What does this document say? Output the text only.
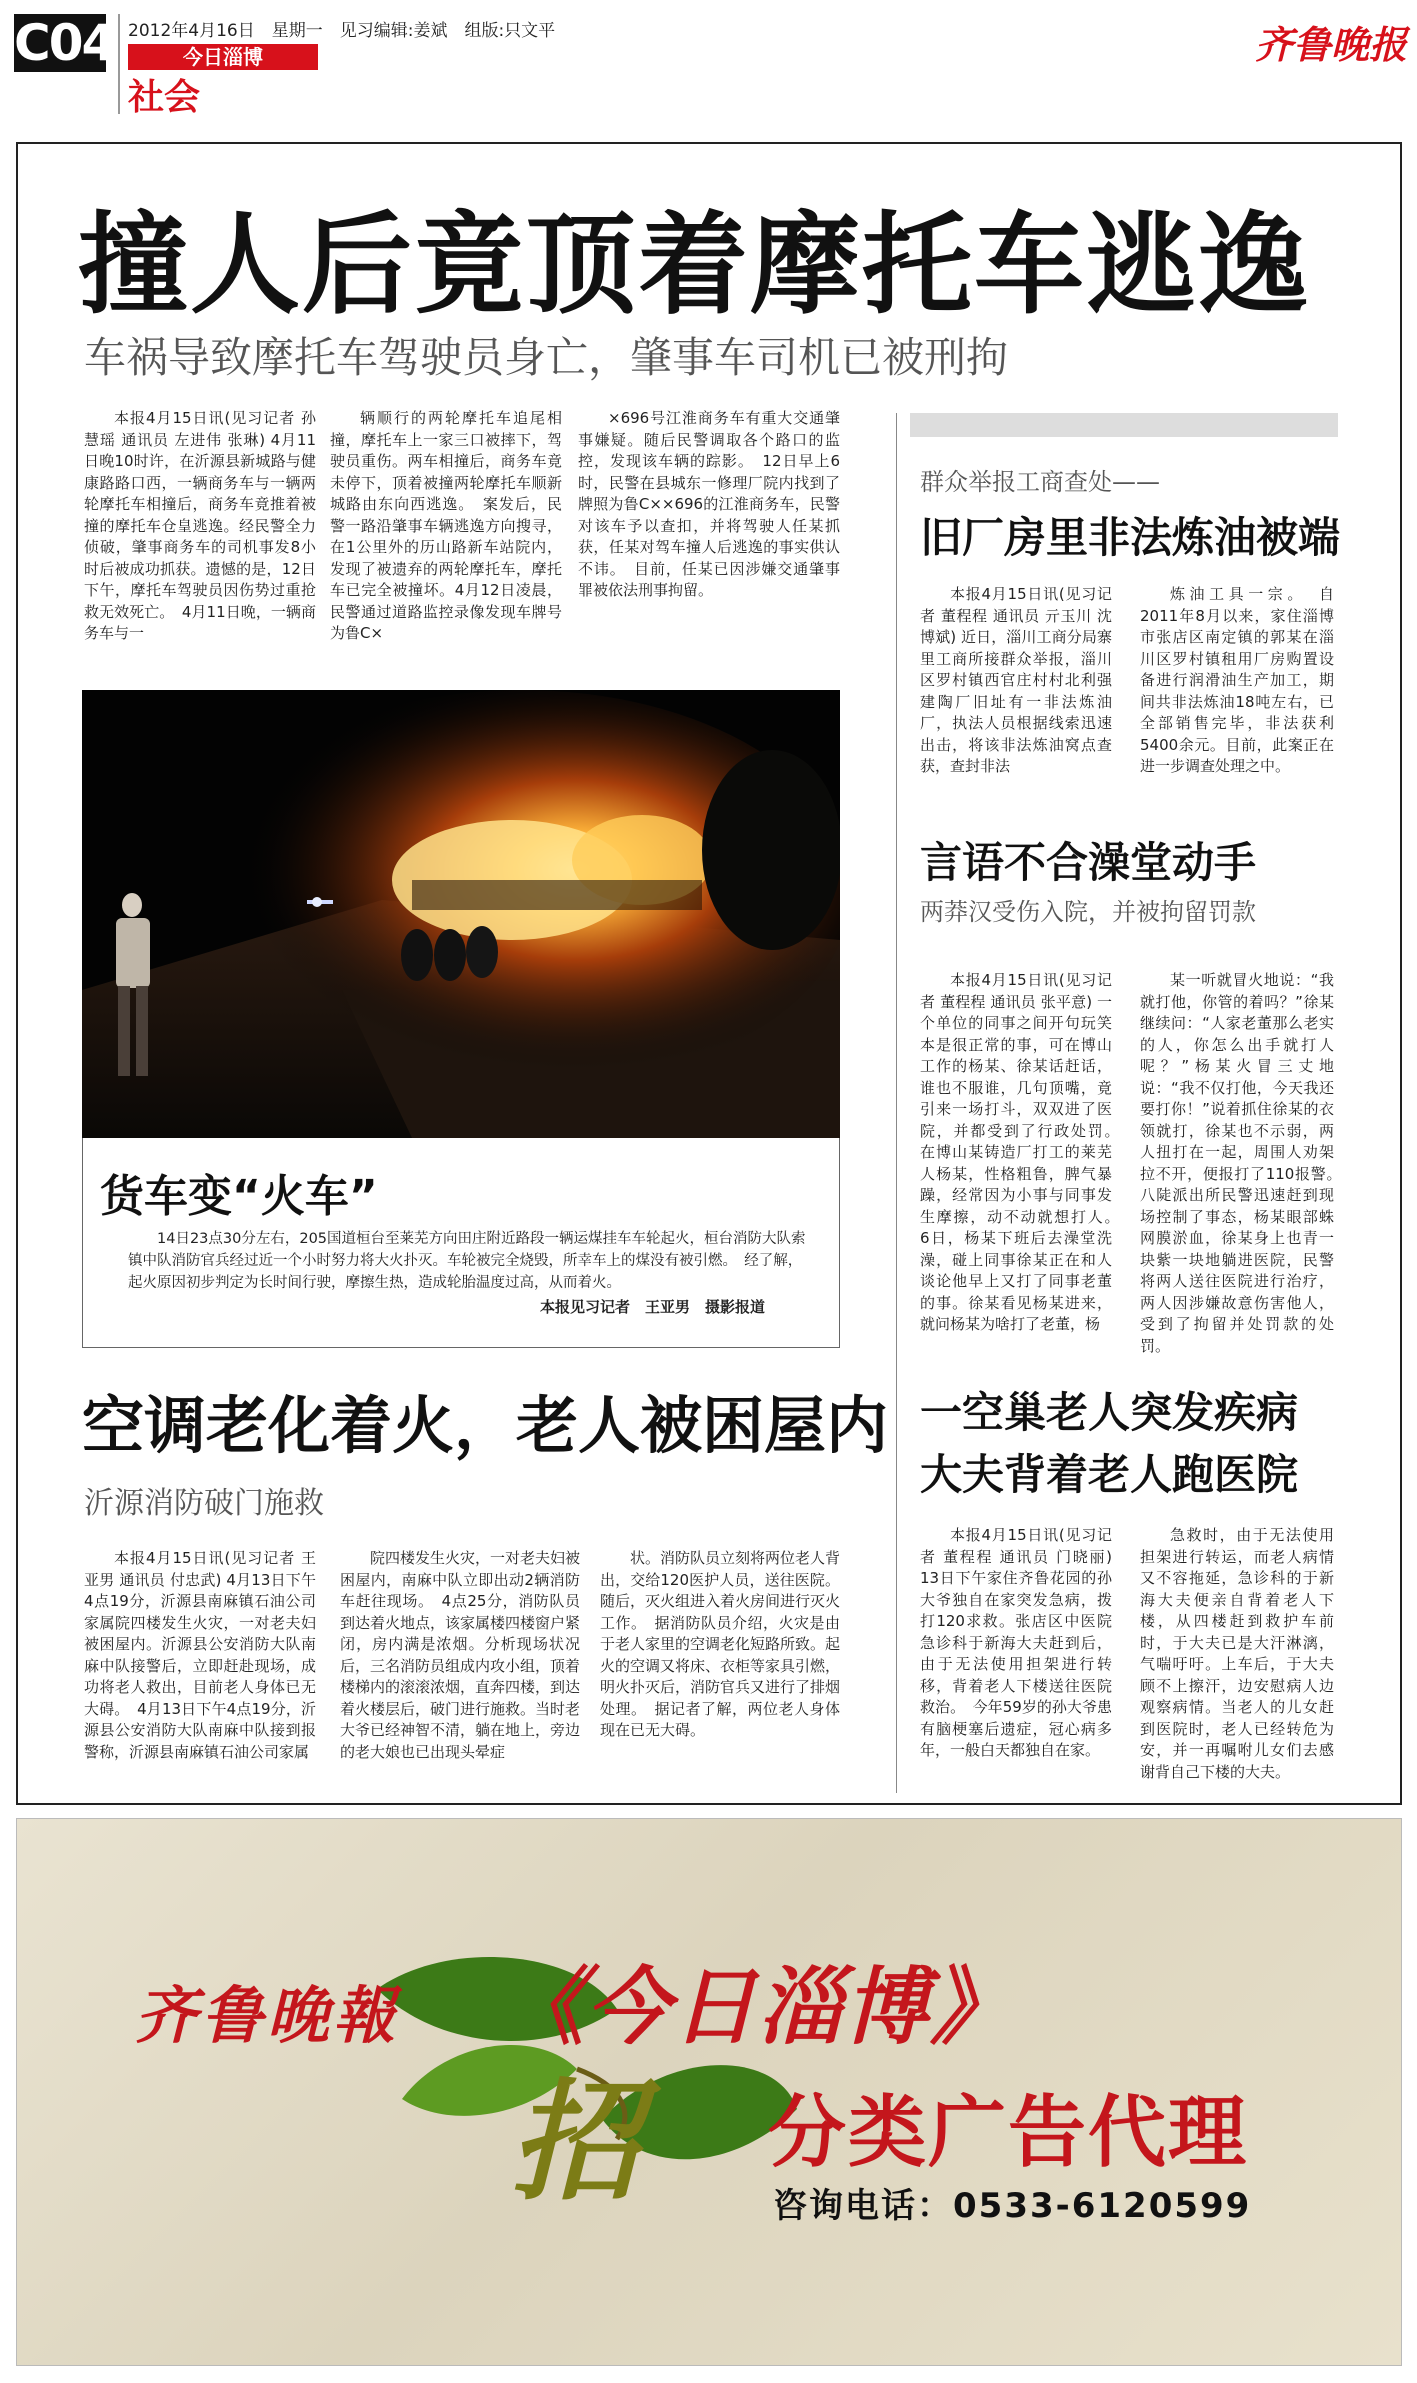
C04 2012年4月16日　星期一　见习编辑:姜斌　组版:只文平
今日淄博
社会
齐鲁晚报
撞人后竟顶着摩托车逃逸
车祸导致摩托车驾驶员身亡，肇事车司机已被刑拘
本报4月15日讯(见习记者 孙慧瑶 通讯员 左进伟 张琳) 4月11日晚10时许，在沂源县新城路与健康路路口西，一辆商务车与一辆两轮摩托车相撞后，商务车竟推着被撞的摩托车仓皇逃逸。经民警全力侦破，肇事商务车的司机事发8小时后被成功抓获。遗憾的是，12日下午，摩托车驾驶员因伤势过重抢救无效死亡。　4月11日晚，一辆商务车与一
辆顺行的两轮摩托车追尾相撞，摩托车上一家三口被摔下，驾驶员重伤。两车相撞后，商务车竟未停下，顶着被撞两轮摩托车顺新城路由东向西逃逸。　案发后，民警一路沿肇事车辆逃逸方向搜寻，在1公里外的历山路新车站院内，发现了被遗弃的两轮摩托车，摩托车已完全被撞坏。4月12日凌晨，民警通过道路监控录像发现车牌号为鲁C×
×696号江淮商务车有重大交通肇事嫌疑。随后民警调取各个路口的监控，发现该车辆的踪影。　12日早上6时，民警在县城东一修理厂院内找到了牌照为鲁C××696的江淮商务车，民警对该车予以查扣，并将驾驶人任某抓获，任某对驾车撞人后逃逸的事实供认不讳。　目前，任某已因涉嫌交通肇事罪被依法刑事拘留。
货车变“火车”
14日23点30分左右，205国道桓台至莱芜方向田庄附近路段一辆运煤挂车车轮起火，桓台消防大队索镇中队消防官兵经过近一个小时努力将大火扑灭。车轮被完全烧毁，所幸车上的煤没有被引燃。　经了解，起火原因初步判定为长时间行驶，摩擦生热，造成轮胎温度过高，从而着火。
本报见习记者　王亚男　摄影报道
空调老化着火，老人被困屋内
沂源消防破门施救
本报4月15日讯(见习记者 王亚男 通讯员 付忠武) 4月13日下午4点19分，沂源县南麻镇石油公司家属院四楼发生火灾，一对老夫妇被困屋内。沂源县公安消防大队南麻中队接警后，立即赶赴现场，成功将老人救出，目前老人身体已无大碍。　4月13日下午4点19分，沂源县公安消防大队南麻中队接到报警称，沂源县南麻镇石油公司家属
院四楼发生火灾，一对老夫妇被困屋内，南麻中队立即出动2辆消防车赶往现场。　4点25分，消防队员到达着火地点，该家属楼四楼窗户紧闭，房内满是浓烟。分析现场状况后，三名消防员组成内攻小组，顶着楼梯内的滚滚浓烟，直奔四楼，到达着火楼层后，破门进行施救。当时老大爷已经神智不清，躺在地上，旁边的老大娘也已出现头晕症
状。消防队员立刻将两位老人背出，交给120医护人员，送往医院。随后，灭火组进入着火房间进行灭火工作。　据消防队员介绍，火灾是由于老人家里的空调老化短路所致。起火的空调又将床、衣柜等家具引燃，明火扑灭后，消防官兵又进行了排烟处理。　据记者了解，两位老人身体现在已无大碍。
群众举报工商查处——
旧厂房里非法炼油被端
本报4月15日讯(见习记者 董程程 通讯员 亓玉川 沈博斌) 近日，淄川工商分局寨里工商所接群众举报，淄川区罗村镇西官庄村村北利强建陶厂旧址有一非法炼油厂，执法人员根据线索迅速出击，将该非法炼油窝点查获，查封非法
炼油工具一宗。　自2011年8月以来，家住淄博市张店区南定镇的郭某在淄川区罗村镇租用厂房购置设备进行润滑油生产加工，期间共非法炼油18吨左右，已全部销售完毕，非法获利5400余元。目前，此案正在进一步调查处理之中。
言语不合澡堂动手
两莽汉受伤入院，并被拘留罚款
本报4月15日讯(见习记者 董程程 通讯员 张平意) 一个单位的同事之间开句玩笑本是很正常的事，可在博山工作的杨某、徐某话赶话，谁也不服谁，几句顶嘴，竟引来一场打斗，双双进了医院，并都受到了行政处罚。　在博山某铸造厂打工的莱芜人杨某，性格粗鲁，脾气暴躁，经常因为小事与同事发生摩擦，动不动就想打人。　6日，杨某下班后去澡堂洗澡，碰上同事徐某正在和人谈论他早上又打了同事老董的事。徐某看见杨某进来，就问杨某为啥打了老董，杨
某一听就冒火地说：“我就打他，你管的着吗？”徐某继续问：“人家老董那么老实的人，你怎么出手就打人呢？”杨某火冒三丈地说：“我不仅打他，今天我还要打你！”说着抓住徐某的衣领就打，徐某也不示弱，两人扭打在一起，周围人劝架拉不开，便报打了110报警。　八陡派出所民警迅速赶到现场控制了事态，杨某眼部蛛网膜淤血，徐某身上也青一块紫一块地躺进医院，民警将两人送往医院进行治疗，两人因涉嫌故意伤害他人，受到了拘留并处罚款的处罚。
一空巢老人突发疾病
大夫背着老人跑医院
本报4月15日讯(见习记者 董程程 通讯员 门晓丽) 13日下午家住齐鲁花园的孙大爷独自在家突发急病，拨打120求救。张店区中医院急诊科于新海大夫赶到后，由于无法使用担架进行转移，背着老人下楼送往医院救治。　今年59岁的孙大爷患有脑梗塞后遗症，冠心病多年，一般白天都独自在家。
急救时，由于无法使用担架进行转运，而老人病情又不容拖延，急诊科的于新海大夫便亲自背着老人下楼，从四楼赶到救护车前时，于大夫已是大汗淋漓，气喘吁吁。上车后，于大夫顾不上擦汗，边安慰病人边观察病情。当老人的儿女赶到医院时，老人已经转危为安，并一再嘱咐儿女们去感谢背自己下楼的大夫。
齐鲁晚報 《今日淄博》
招 分类广告代理
咨询电话：0533-6120599
